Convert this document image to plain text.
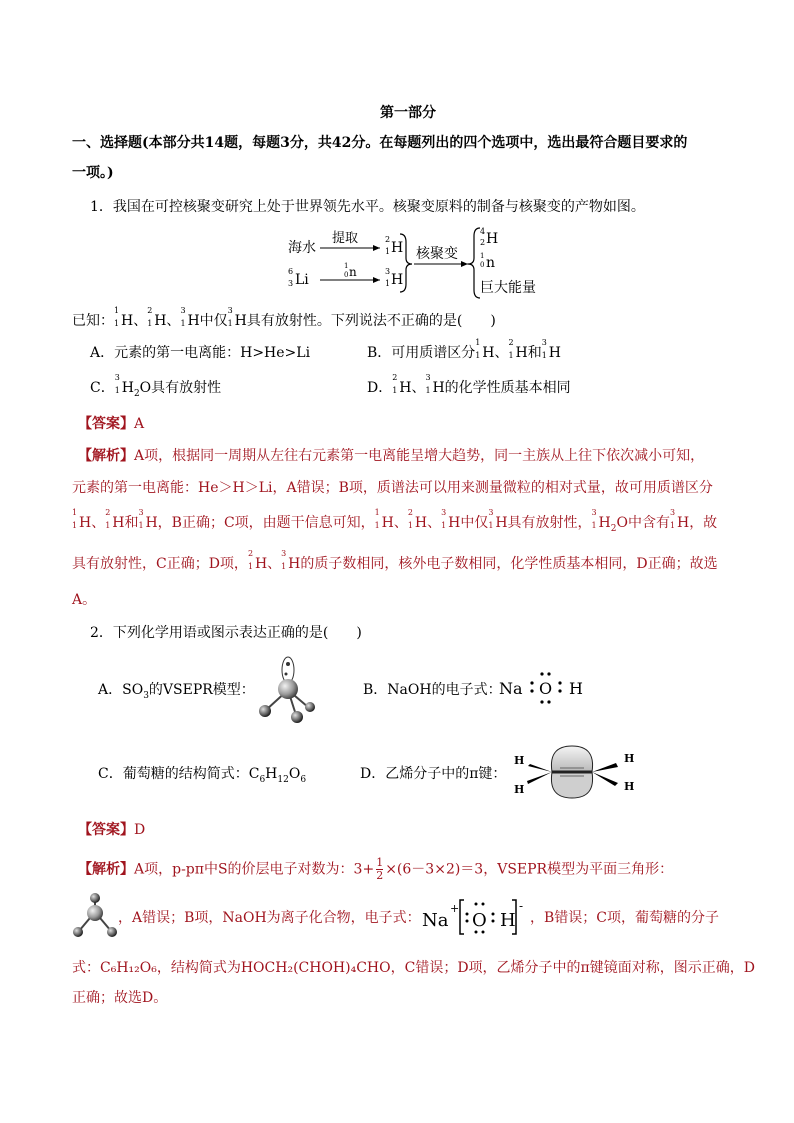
第一部分
一、选择题(本部分共14题，每题3分，共42分。在每题列出的四个选项中，选出最符合题目要求的
一项。)
1．我国在可控核聚变研究上处于世界领先水平。核聚变原料的制备与核聚变的产物如图。
海水
提取	2
1 H
6
3 Li
1
0 n	3
1 H
核聚变
4
2 H
1
0 n
巨大能量
已知：
1
1 H、
2
1 H、
3
1 H中仅
3
1 H具有放射性。下列说法不正确的是(　　)
A．元素的第一电离能：H>He>Li	B．可用质谱区分
1
1 H、
2
1 H和
3
1 H
C．
3
1 $H_2O$具有放射性	D．
2
1 H、
3
1 H的化学性质基本相同
【答案】A
【解析】A项，根据同一周期从左往右元素第一电离能呈增大趋势，同一主族从上往下依次减小可知，
元素的第一电离能：He＞H＞Li，A错误；B项，质谱法可以用来测量微粒的相对式量，故可用质谱区分
1
1 H、
2
1 H和
3
1 H，B正确；C项，由题干信息可知，
1
1 H、
2
1 H、
3
1 H中仅
3
1 H具有放射性，
3
1 $H_2O$中含有
3
1 H，故
具有放射性，C正确；D项，
2
1 H、
3
1 H的质子数相同，核外电子数相同，化学性质基本相同，D正确；故选
A。
2．下列化学用语或图示表达正确的是(　　)
A．$SO_3$的VSEPR模型：	B．NaOH的电子式：
Na O H
C．葡萄糖的结构简式：$C_6H_{12}O_6$	D．乙烯分子中的π键：
H
H
H
H
【答案】D
【解析】A项，p-pπ中S的价层电子对数为：$3+ \frac{1}{2} \times(6-3\times 2)=3$，VSEPR模型为平面三角形：
，A错误；B项，NaOH为离子化合物，电子式： Na
+
O H
-
，B错误；C项，葡萄糖的分子
式：C₆H₁₂O₆，结构简式为HOCH₂(CHOH)₄CHO，C错误；D项，乙烯分子中的π键镜面对称，图示正确，D
正确；故选D。
